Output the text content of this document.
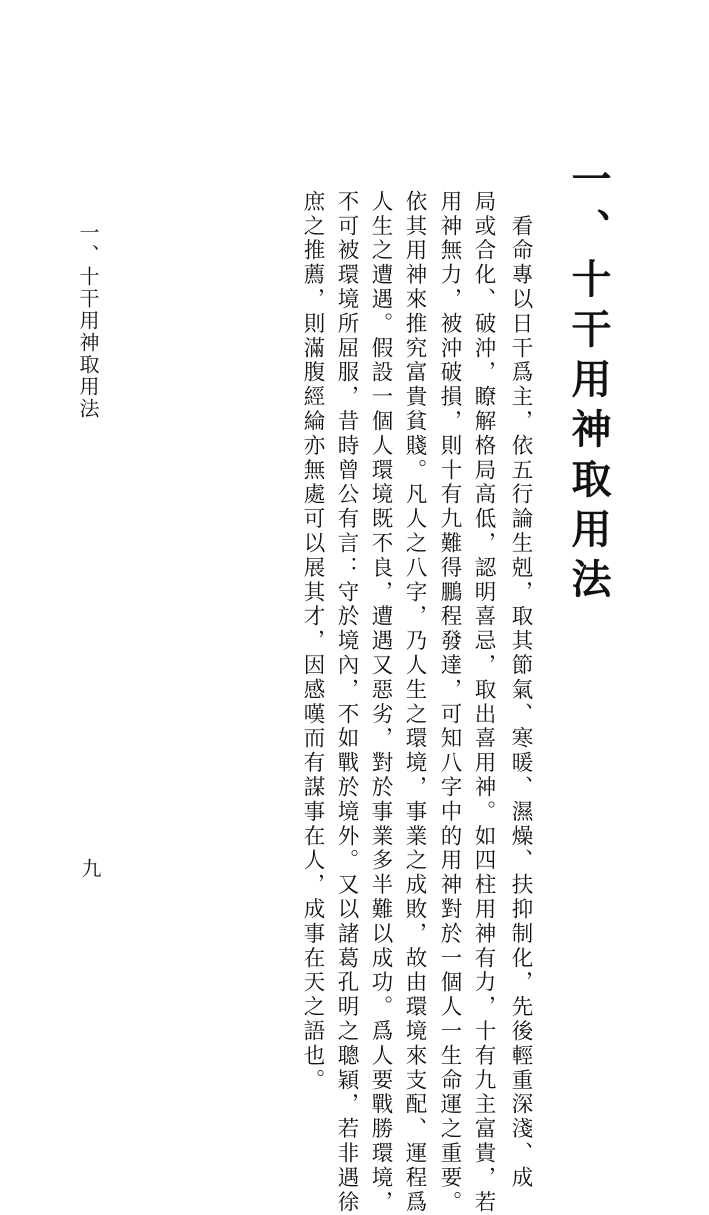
一、十干用神取用法

　看命專以日干爲主，依五行論生剋，取其節氣、寒暖、濕燥、扶抑制化，先後輕重深淺、成

局或合化、破沖，瞭解格局高低，認明喜忌，取出喜用神。如四柱用神有力，十有九主富貴，若

用神無力，被沖破損，則十有九難得鵬程發達，可知八字中的用神對於一個人一生命運之重要。

依其用神來推究富貴貧賤。凡人之八字，乃人生之環境，事業之成敗，故由環境來支配、運程爲

人生之遭遇。假設一個人環境既不良，遭遇又惡劣，對於事業多半難以成功。爲人要戰勝環境，

不可被環境所屈服，昔時曾公有言：守於境內，不如戰於境外。又以諸葛孔明之聰穎，若非遇徐

庶之推薦，則滿腹經綸亦無處可以展其才，因感嘆而有謀事在人，成事在天之語也。

一、十干用神取用法
九
